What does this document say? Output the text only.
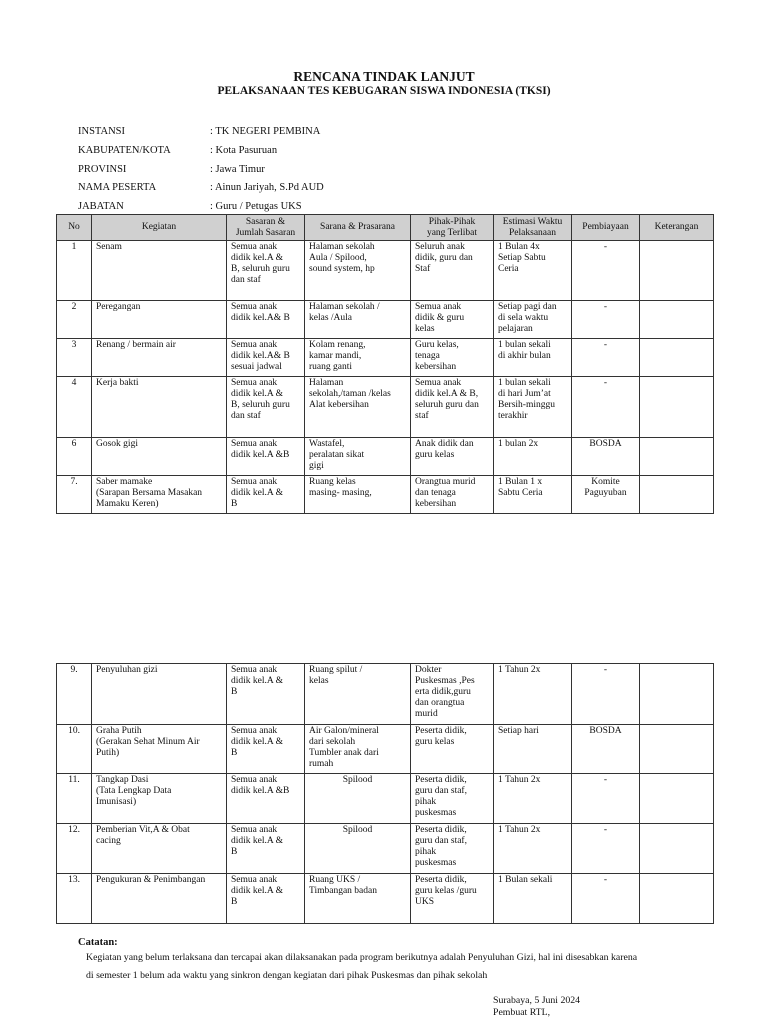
RENCANA TINDAK LANJUT
PELAKSANAAN TES KEBUGARAN SISWA INDONESIA (TKSI)
INSTANSI	: TK NEGERI PEMBINA
KABUPATEN/KOTA	: Kota Pasuruan
PROVINSI	: Jawa Timur
NAMA PESERTA	: Ainun Jariyah, S.Pd AUD
JABATAN	: Guru / Petugas UKS
No	Kegiatan	Sasaran &
Jumlah Sasaran	Sarana & Prasarana	Pihak-Pihak
yang Terlibat	Estimasi Waktu
Pelaksanaan	Pembiayaan	Keterangan
1	Senam	Semua anak
didik kel.A &
B, seluruh guru
dan staf	Halaman sekolah
Aula / Spilood,
sound system, hp	Seluruh anak
didik, guru dan
Staf	1 Bulan 4x
Setiap Sabtu
Ceria	-	
2	Peregangan	Semua anak
didik kel.A& B	Halaman sekolah /
kelas /Aula	Semua anak
didik & guru
kelas	Setiap pagi dan
di sela waktu
pelajaran	-	
3	Renang / bermain air	Semua anak
didik kel.A& B
sesuai jadwal	Kolam renang,
kamar mandi,
ruang ganti	Guru kelas,
tenaga
kebersihan	1 bulan sekali
di akhir bulan	-	
4	Kerja bakti	Semua anak
didik kel.A &
B, seluruh guru
dan staf	Halaman
sekolah,/taman /kelas
Alat kebersihan	Semua anak
didik kel.A & B,
seluruh guru dan
staf	1 bulan sekali
di hari Jum’at
Bersih-minggu
terakhir	-	
6	Gosok gigi	Semua anak
didik kel.A &B	Wastafel,
peralatan sikat
gigi	Anak didik dan
guru kelas	1 bulan 2x	BOSDA	
7.	Saber mamake
(Sarapan Bersama Masakan
Mamaku Keren)	Semua anak
didik kel.A &
B	Ruang kelas
masing- masing,	Orangtua murid
dan tenaga
kebersihan	1 Bulan 1 x
Sabtu Ceria	Komite
Paguyuban	
9.	Penyuluhan gizi	Semua anak
didik kel.A &
B	Ruang spilut /
kelas	Dokter
Puskesmas ,Pes
erta didik,guru
dan orangtua
murid	1 Tahun 2x	-	
10.	Graha Putih
(Gerakan Sehat Minum Air
Putih)	Semua anak
didik kel.A &
B	Air Galon/mineral
dari sekolah
Tumbler anak dari
rumah	Peserta didik,
guru kelas	Setiap hari	BOSDA	
11.	Tangkap Dasi
(Tata Lengkap Data
Imunisasi)	Semua anak
didik kel.A &B	Spilood	Peserta didik,
guru dan staf,
pihak
puskesmas	1 Tahun 2x	-	
12.	Pemberian Vit,A & Obat
cacing	Semua anak
didik kel.A &
B	Spilood	Peserta didik,
guru dan staf,
pihak
puskesmas	1 Tahun 2x	-	
13.	Pengukuran & Penimbangan	Semua anak
didik kel.A &
B	Ruang UKS /
Timbangan badan	Peserta didik,
guru kelas /guru
UKS	1 Bulan sekali	-	
Catatan:
Kegiatan yang belum terlaksana dan tercapai akan dilaksanakan pada program berikutnya adalah Penyuluhan Gizi, hal ini disesabkan karena
di semester 1 belum ada waktu yang sinkron dengan kegiatan dari pihak Puskesmas dan pihak sekolah
Surabaya, 5 Juni 2024
Pembuat RTL,
